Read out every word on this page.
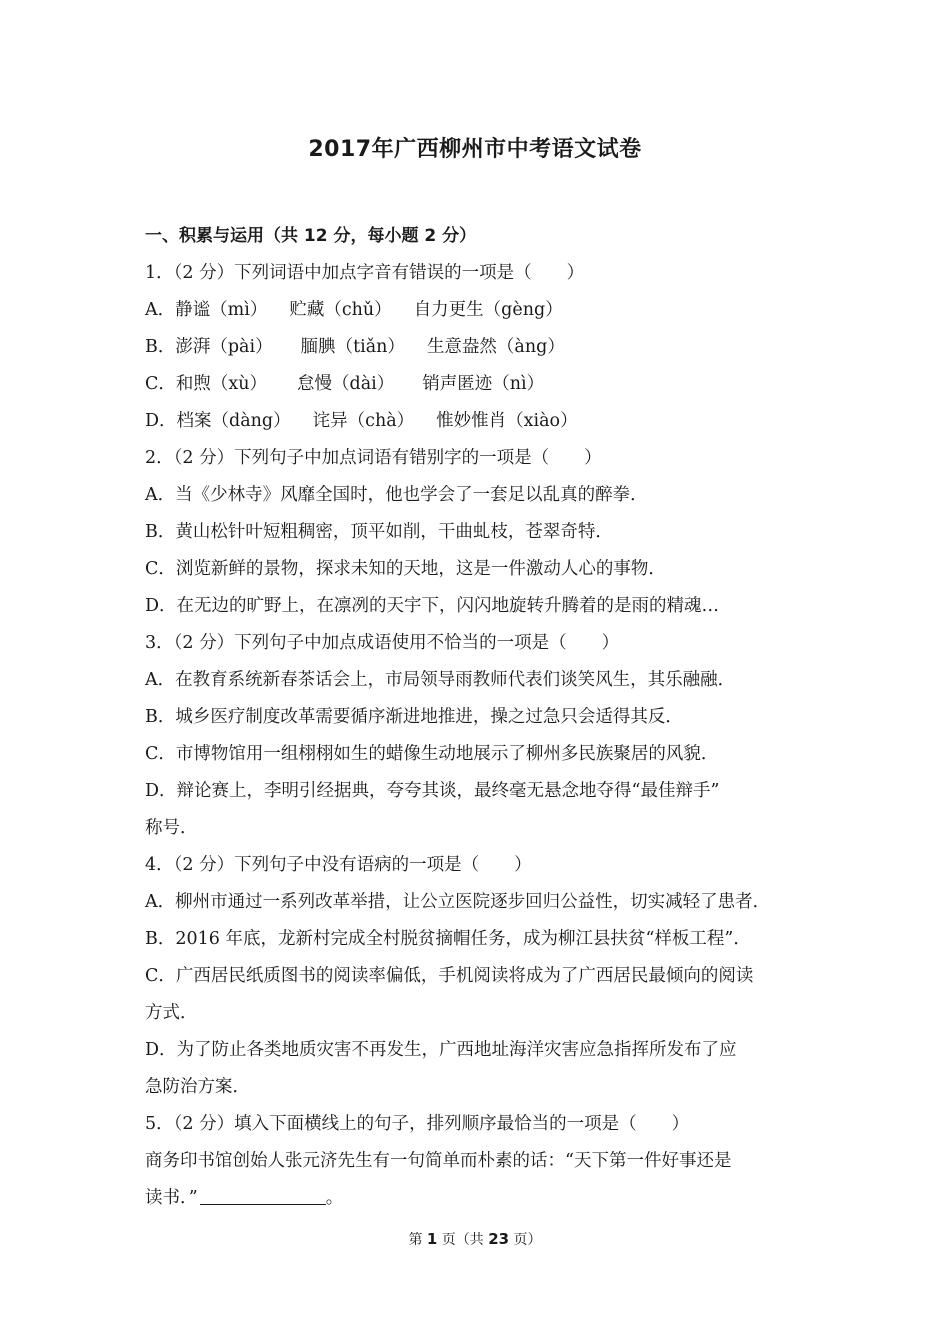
2017年广西柳州市中考语文试卷
一、积累与运用（共 12 分，每小题 2 分）
1．（2 分）下列词语中加点字音有错误的一项是（　　）
A．静谧（mì） 贮藏（chǔ） 自力更生（gèng）
B．澎湃（pài） 腼腆（tiǎn） 生意盎然（àng）
C．和煦（xù） 怠慢（dài） 销声匿迹（nì）
D．档案（dàng） 诧异（chà） 惟妙惟肖（xiào）
2．（2 分）下列句子中加点词语有错别字的一项是（　　）
A．当《少林寺》风靡全国时，他也学会了一套足以乱真的醉拳．
B．黄山松针叶短粗稠密，顶平如削，干曲虬枝，苍翠奇特．
C．浏览新鲜的景物，探求未知的天地，这是一件激动人心的事物．
D．在无边的旷野上，在凛冽的天宇下，闪闪地旋转升腾着的是雨的精魂…
3．（2 分）下列句子中加点成语使用不恰当的一项是（　　）
A．在教育系统新春茶话会上，市局领导雨教师代表们谈笑风生，其乐融融．
B．城乡医疗制度改革需要循序渐进地推进，操之过急只会适得其反．
C．市博物馆用一组栩栩如生的蜡像生动地展示了柳州多民族聚居的风貌．
D．辩论赛上，李明引经据典，夸夸其谈，最终毫无悬念地夺得“最佳辩手”
称号．
4．（2 分）下列句子中没有语病的一项是（　　）
A．柳州市通过一系列改革举措，让公立医院逐步回归公益性，切实减轻了患者．
B．2016 年底，龙新村完成全村脱贫摘帽任务，成为柳江县扶贫“样板工程”．
C．广西居民纸质图书的阅读率偏低，手机阅读将成为了广西居民最倾向的阅读
方式．
D．为了防止各类地质灾害不再发生，广西地址海洋灾害应急指挥所发布了应
急防治方案．
5．（2 分）填入下面横线上的句子，排列顺序最恰当的一项是（　　）
商务印书馆创始人张元济先生有一句简单而朴素的话：“天下第一件好事还是
读书．”	。
第 1 页（共 23 页）
